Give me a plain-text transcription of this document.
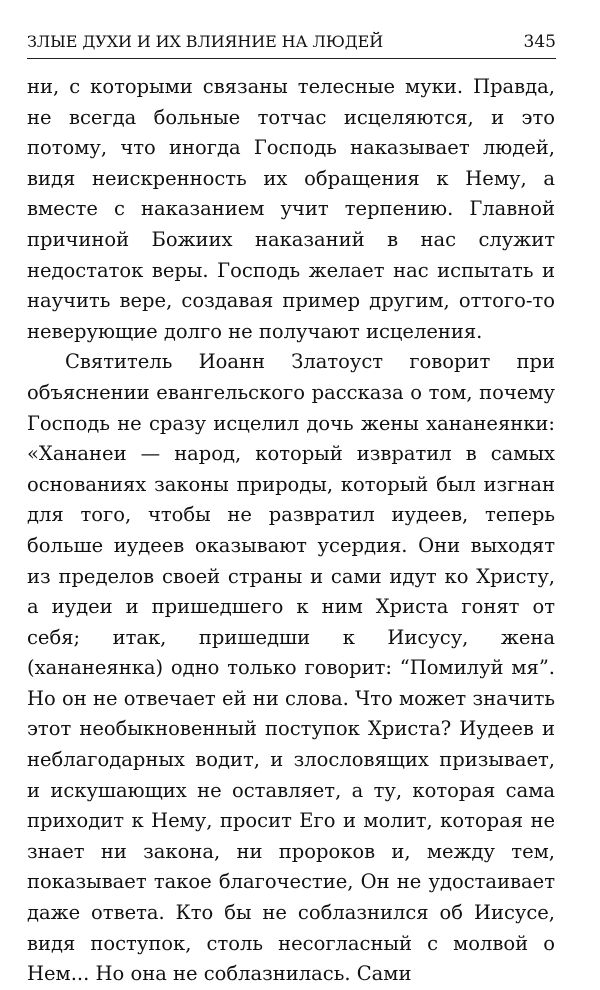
ЗЛЫЕ ДУХИ И ИХ ВЛИЯНИЕ НА ЛЮДЕЙ	345

ни, с которыми связаны телесные муки. Правда, не всегда больные тотчас исцеляются, и это потому, что иногда Господь наказывает людей, видя неискренность их обращения к Нему, а вместе с наказанием учит терпению. Главной причиной Божиих наказаний в нас служит недостаток веры. Господь желает нас испытать и научить вере, создавая пример другим, оттого-то неверующие долго не получают исцеления.

Святитель Иоанн Златоуст говорит при объяснении евангельского рассказа о том, почему Господь не сразу исцелил дочь жены хананеянки: «Хананеи — народ, который извратил в самых основаниях законы природы, который был изгнан для того, чтобы не развратил иудеев, теперь больше иудеев оказывают усердия. Они выходят из пределов своей страны и сами идут ко Христу, а иудеи и пришедшего к ним Христа гонят от себя; итак, пришедши к Иисусу, жена (хананеянка) одно только говорит: “Помилуй мя”. Но он не отвечает ей ни слова. Что может значить этот необыкновенный поступок Христа? Иудеев и неблагодарных водит, и злословящих призывает, и искушающих не оставляет, а ту, которая сама приходит к Нему, просит Его и молит, которая не знает ни закона, ни пророков и, между тем, показывает такое благочестие, Он не удостаивает даже ответа. Кто бы не соблазнился об Иисусе, видя поступок, столь несогласный с молвой о Нем... Но она не соблазнилась. Сами
